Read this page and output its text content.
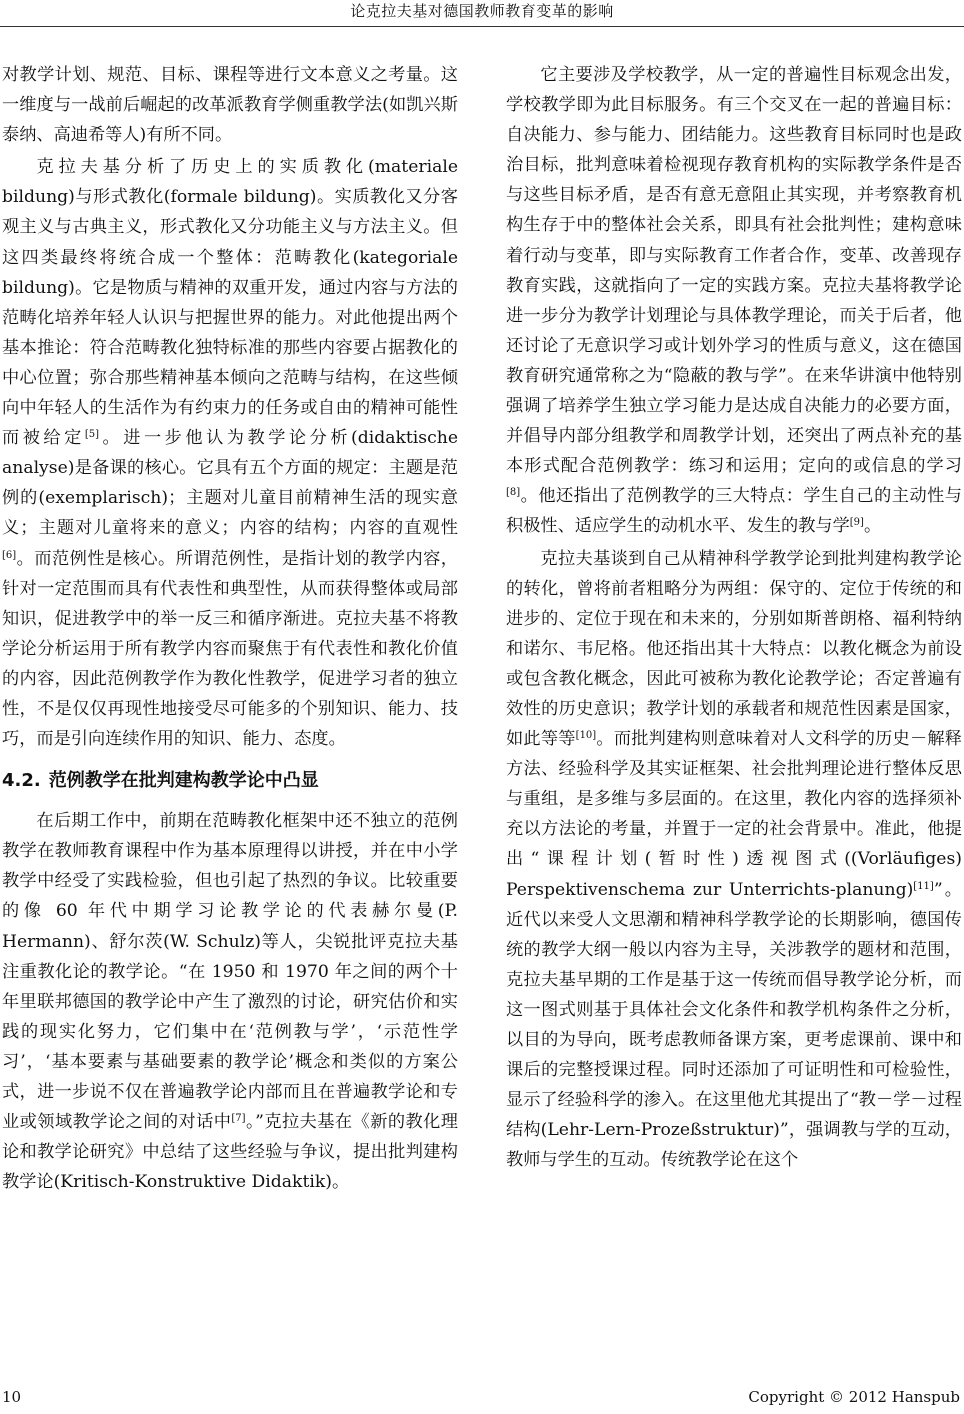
论克拉夫基对德国教师教育变革的影响

对教学计划、规范、目标、课程等进行文本意义之考量。这一维度与一战前后崛起的改革派教育学侧重教学法(如凯兴斯泰纳、高迪希等人)有所不同。

克拉夫基分析了历史上的实质教化(materiale bildung)与形式教化(formale bildung)。实质教化又分客观主义与古典主义，形式教化又分功能主义与方法主义。但这四类最终将统合成一个整体：范畴教化(kategoriale bildung)。它是物质与精神的双重开发，通过内容与方法的范畴化培养年轻人认识与把握世界的能力。对此他提出两个基本推论：符合范畴教化独特标准的那些内容要占据教化的中心位置；弥合那些精神基本倾向之范畴与结构，在这些倾向中年轻人的生活作为有约束力的任务或自由的精神可能性而被给定[5]。进一步他认为教学论分析(didaktische analyse)是备课的核心。它具有五个方面的规定：主题是范例的(exemplarisch)；主题对儿童目前精神生活的现实意义；主题对儿童将来的意义；内容的结构；内容的直观性[6]。而范例性是核心。所谓范例性，是指计划的教学内容，针对一定范围而具有代表性和典型性，从而获得整体或局部知识，促进教学中的举一反三和循序渐进。克拉夫基不将教学论分析运用于所有教学内容而聚焦于有代表性和教化价值的内容，因此范例教学作为教化性教学，促进学习者的独立性，不是仅仅再现性地接受尽可能多的个别知识、能力、技巧，而是引向连续作用的知识、能力、态度。

4.2. 范例教学在批判建构教学论中凸显

在后期工作中，前期在范畴教化框架中还不独立的范例教学在教师教育课程中作为基本原理得以讲授，并在中小学教学中经受了实践检验，但也引起了热烈的争议。比较重要的像 60 年代中期学习论教学论的代表赫尔曼(P. Hermann)、舒尔茨(W. Schulz)等人，尖锐批评克拉夫基注重教化论的教学论。“在 1950 和 1970 年之间的两个十年里联邦德国的教学论中产生了激烈的讨论，研究估价和实践的现实化努力，它们集中在‘范例教与学’，‘示范性学习’，‘基本要素与基础要素的教学论’概念和类似的方案公式，进一步说不仅在普遍教学论内部而且在普遍教学论和专业或领域教学论之间的对话中[7]。”克拉夫基在《新的教化理论和教学论研究》中总结了这些经验与争议，提出批判建构教学论(Kritisch-Konstruktive Didaktik)。

它主要涉及学校教学，从一定的普遍性目标观念出发，学校教学即为此目标服务。有三个交叉在一起的普遍目标：自决能力、参与能力、团结能力。这些教育目标同时也是政治目标，批判意味着检视现存教育机构的实际教学条件是否与这些目标矛盾，是否有意无意阻止其实现，并考察教育机构生存于中的整体社会关系，即具有社会批判性；建构意味着行动与变革，即与实际教育工作者合作，变革、改善现存教育实践，这就指向了一定的实践方案。克拉夫基将教学论进一步分为教学计划理论与具体教学理论，而关于后者，他还讨论了无意识学习或计划外学习的性质与意义，这在德国教育研究通常称之为“隐蔽的教与学”。在来华讲演中他特别强调了培养学生独立学习能力是达成自决能力的必要方面，并倡导内部分组教学和周教学计划，还突出了两点补充的基本形式配合范例教学：练习和运用；定向的或信息的学习[8]。他还指出了范例教学的三大特点：学生自己的主动性与积极性、适应学生的动机水平、发生的教与学[9]。

克拉夫基谈到自己从精神科学教学论到批判建构教学论的转化，曾将前者粗略分为两组：保守的、定位于传统的和进步的、定位于现在和未来的，分别如斯普朗格、福利特纳和诺尔、韦尼格。他还指出其十大特点：以教化概念为前设或包含教化概念，因此可被称为教化论教学论；否定普遍有效性的历史意识；教学计划的承载者和规范性因素是国家，如此等等[10]。而批判建构则意味着对人文科学的历史－解释方法、经验科学及其实证框架、社会批判理论进行整体反思与重组，是多维与多层面的。在这里，教化内容的选择须补充以方法论的考量，并置于一定的社会背景中。准此，他提出“课程计划(暂时性)透视图式((Vorläufiges) Perspektivenschema zur Unterrichts-planung)[11]”。近代以来受人文思潮和精神科学教学论的长期影响，德国传统的教学大纲一般以内容为主导，关涉教学的题材和范围，克拉夫基早期的工作是基于这一传统而倡导教学论分析，而这一图式则基于具体社会文化条件和教学机构条件之分析，以目的为导向，既考虑教师备课方案，更考虑课前、课中和课后的完整授课过程。同时还添加了可证明性和可检验性，显示了经验科学的渗入。在这里他尤其提出了“教－学－过程结构(Lehr-Lern-Prozeßstruktur)”，强调教与学的互动，教师与学生的互动。传统教学论在这个

10	Copyright © 2012 Hanspub
